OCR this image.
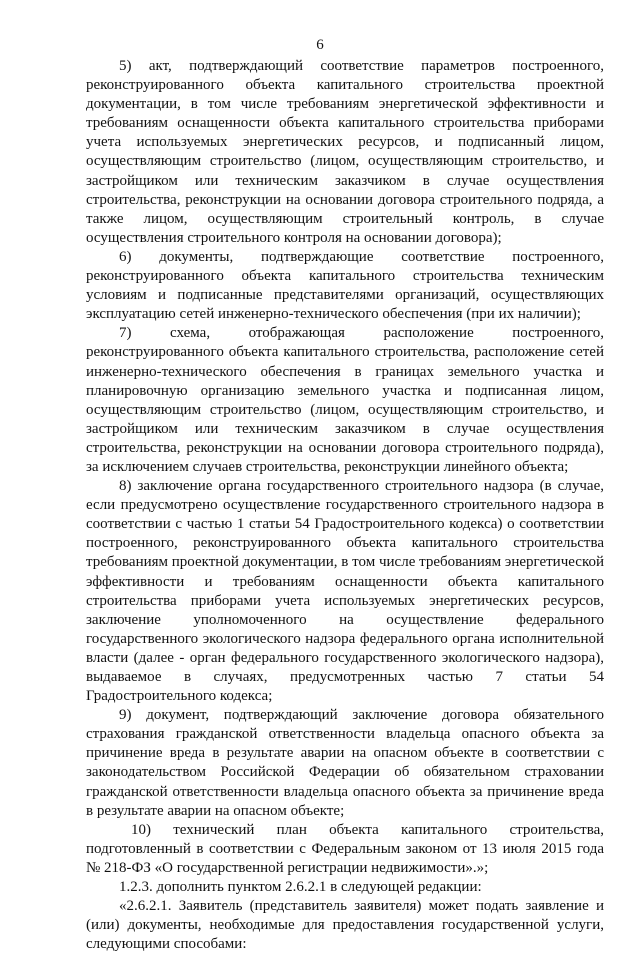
6

5) акт, подтверждающий соответствие параметров построенного, реконструированного объекта капитального строительства проектной документации, в том числе требованиям энергетической эффективности и требованиям оснащенности объекта капитального строительства приборами учета используемых энергетических ресурсов, и подписанный лицом, осуществляющим строительство (лицом, осуществляющим строительство, и застройщиком или техническим заказчиком в случае осуществления строительства, реконструкции на основании договора строительного подряда, а также лицом, осуществляющим строительный контроль, в случае осуществления строительного контроля на основании договора);

6) документы, подтверждающие соответствие построенного, реконструированного объекта капитального строительства техническим условиям и подписанные представителями организаций, осуществляющих эксплуатацию сетей инженерно-технического обеспечения (при их наличии);

7) схема, отображающая расположение построенного, реконструированного объекта капитального строительства, расположение сетей инженерно-технического обеспечения в границах земельного участка и планировочную организацию земельного участка и подписанная лицом, осуществляющим строительство (лицом, осуществляющим строительство, и застройщиком или техническим заказчиком в случае осуществления строительства, реконструкции на основании договора строительного подряда), за исключением случаев строительства, реконструкции линейного объекта;

8) заключение органа государственного строительного надзора (в случае, если предусмотрено осуществление государственного строительного надзора в соответствии с частью 1 статьи 54 Градостроительного кодекса) о соответствии построенного, реконструированного объекта капитального строительства требованиям проектной документации, в том числе требованиям энергетической эффективности и требованиям оснащенности объекта капитального строительства приборами учета используемых энергетических ресурсов, заключение уполномоченного на осуществление федерального государственного экологического надзора федерального органа исполнительной власти (далее - орган федерального государственного экологического надзора), выдаваемое в случаях, предусмотренных частью 7 статьи 54 Градостроительного кодекса;

9) документ, подтверждающий заключение договора обязательного страхования гражданской ответственности владельца опасного объекта за причинение вреда в результате аварии на опасном объекте в соответствии с законодательством Российской Федерации об обязательном страховании гражданской ответственности владельца опасного объекта за причинение вреда в результате аварии на опасном объекте;

10) технический план объекта капитального строительства, подготовленный в соответствии с Федеральным законом от 13 июля 2015 года № 218-ФЗ «О государственной регистрации недвижимости».»;

1.2.3. дополнить пунктом 2.6.2.1 в следующей редакции:

«2.6.2.1. Заявитель (представитель заявителя) может подать заявление и (или) документы, необходимые для предоставления государственной услуги, следующими способами:
